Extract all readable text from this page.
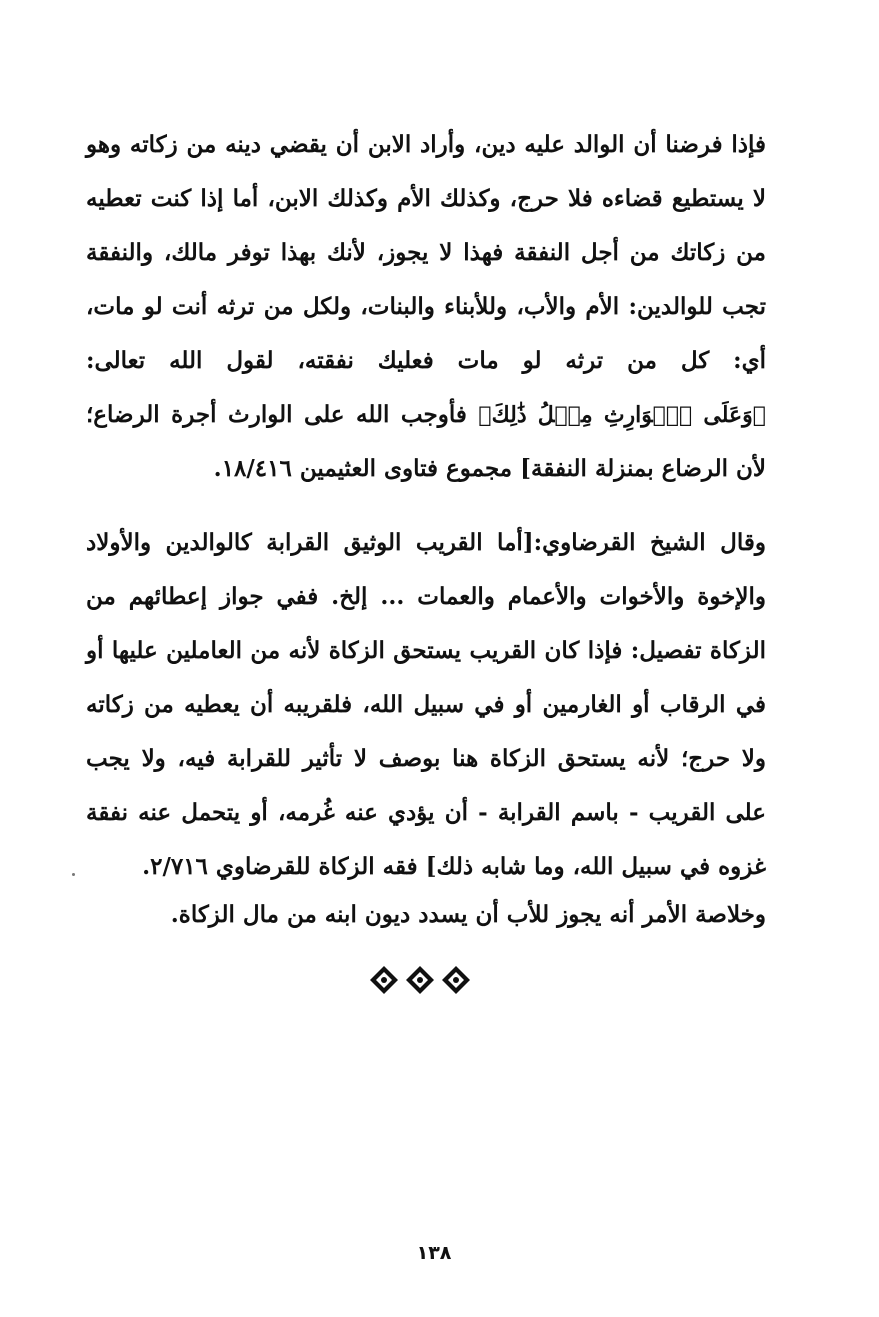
فإذا فرضنا أن الوالد عليه دين، وأراد الابن أن يقضي دينه من زكاته وهو لا يستطيع قضاءه فلا حرج، وكذلك الأم وكذلك الابن، أما إذا كنت تعطيه من زكاتك من أجل النفقة فهذا لا يجوز، لأنك بهذا توفر مالك، والنفقة تجب للوالدين: الأم والأب، وللأبناء والبنات، ولكل من ترثه أنت لو مات، أي: كل من ترثه لو مات فعليك نفقته، لقول الله تعالى: ﴿وَعَلَى ٱلۡوَارِثِ مِثۡلُ ذَٰلِكَ﴾ فأوجب الله على الوارث أجرة الرضاع؛ لأن الرضاع بمنزلة النفقة] مجموع فتاوى العثيمين ١٨/٤١٦.
وقال الشيخ القرضاوي:[أما القريب الوثيق القرابة كالوالدين والأولاد والإخوة والأخوات والأعمام والعمات ... إلخ. ففي جواز إعطائهم من الزكاة تفصيل: فإذا كان القريب يستحق الزكاة لأنه من العاملين عليها أو في الرقاب أو الغارمين أو في سبيل الله، فلقريبه أن يعطيه من زكاته ولا حرج؛ لأنه يستحق الزكاة هنا بوصف لا تأثير للقرابة فيه، ولا يجب على القريب - باسم القرابة - أن يؤدي عنه غُرمه، أو يتحمل عنه نفقة غزوه في سبيل الله، وما شابه ذلك] فقه الزكاة للقرضاوي ٢/٧١٦.
وخلاصة الأمر أنه يجوز للأب أن يسدد ديون ابنه من مال الزكاة.
١٣٨
